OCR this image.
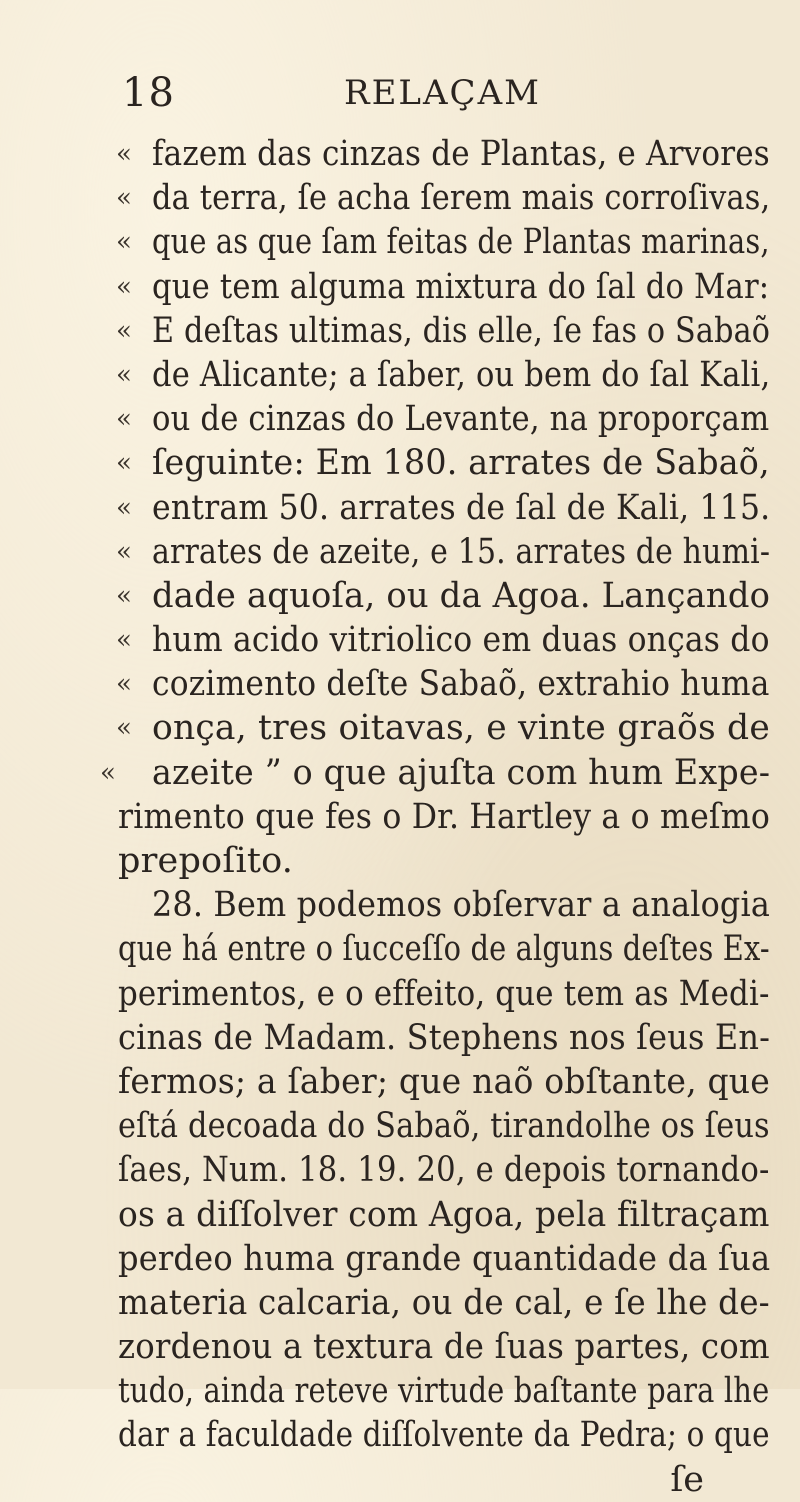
18	RELAÇAM
« fazem das cinzas de Plantas, e Arvores
« da terra, ſe acha ſerem mais corroſivas,
« que as que ſam feitas de Plantas marinas,
« que tem alguma mixtura do ſal do Mar:
« E deſtas ultimas, dis elle, ſe fas o Sabaõ
« de Alicante; a ſaber, ou bem do ſal Kali,
« ou de cinzas do Levante, na proporçam
« ſeguinte: Em 180. arrates de Sabaõ,
« entram 50. arrates de ſal de Kali, 115.
« arrates de azeite, e 15. arrates de humi-
« dade aquoſa, ou da Agoa. Lançando
« hum acido vitriolico em duas onças do
« cozimento deſte Sabaõ, extrahio huma
« onça, tres oitavas, e vinte graõs de
« azeite ” o que ajuſta com hum Expe-
rimento que fes o Dr. Hartley a o meſmo
prepoſito.
28. Bem podemos obſervar a analogia
que há entre o ſucceſſo de alguns deſtes Ex-
perimentos, e o effeito, que tem as Medi-
cinas de Madam. Stephens nos ſeus En-
fermos; a ſaber; que naõ obſtante, que
eſtá decoada do Sabaõ, tirandolhe os ſeus
ſaes, Num. 18. 19. 20, e depois tornando-
os a diſſolver com Agoa, pela filtraçam
perdeo huma grande quantidade da ſua
materia calcaria, ou de cal, e ſe lhe de-
zordenou a textura de ſuas partes, com
tudo, ainda reteve virtude baſtante para lhe
dar a faculdade diſſolvente da Pedra; o que
ſe
